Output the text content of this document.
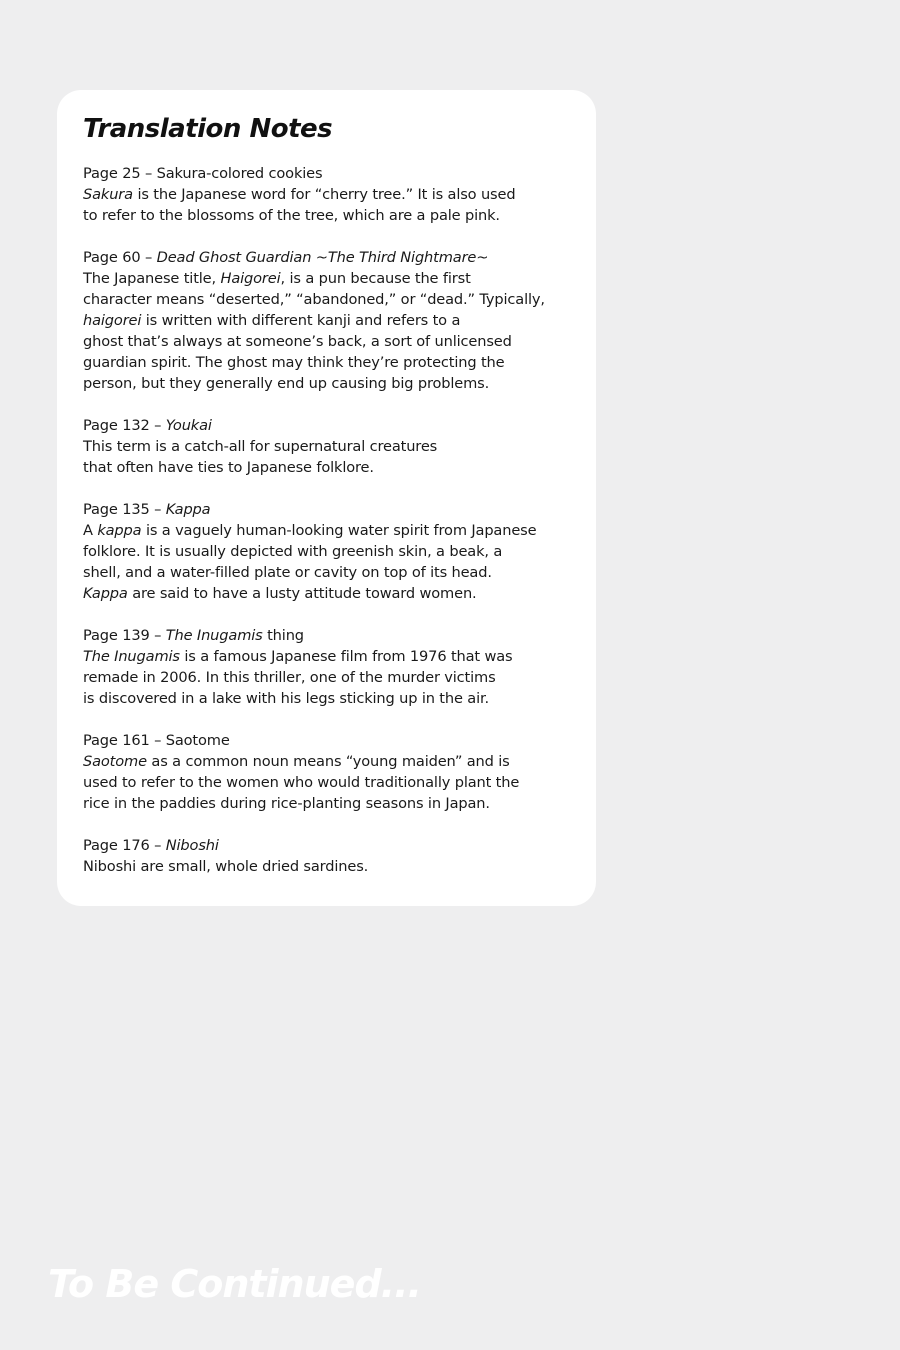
Translation Notes
Page 25 – Sakura-colored cookies
Sakura is the Japanese word for “cherry tree.” It is also used
to refer to the blossoms of the tree, which are a pale pink.
Page 60 – Dead Ghost Guardian ~The Third Nightmare~
The Japanese title, Haigorei, is a pun because the first
character means “deserted,” “abandoned,” or “dead.” Typically,
haigorei is written with different kanji and refers to a
ghost that’s always at someone’s back, a sort of unlicensed
guardian spirit. The ghost may think they’re protecting the
person, but they generally end up causing big problems.
Page 132 – Youkai
This term is a catch-all for supernatural creatures
that often have ties to Japanese folklore.
Page 135 – Kappa
A kappa is a vaguely human-looking water spirit from Japanese
folklore. It is usually depicted with greenish skin, a beak, a
shell, and a water-filled plate or cavity on top of its head.
Kappa are said to have a lusty attitude toward women.
Page 139 – The Inugamis thing
The Inugamis is a famous Japanese film from 1976 that was
remade in 2006. In this thriller, one of the murder victims
is discovered in a lake with his legs sticking up in the air.
Page 161 – Saotome
Saotome as a common noun means “young maiden” and is
used to refer to the women who would traditionally plant the
rice in the paddies during rice-planting seasons in Japan.
Page 176 – Niboshi
Niboshi are small, whole dried sardines.
To Be Continued...
